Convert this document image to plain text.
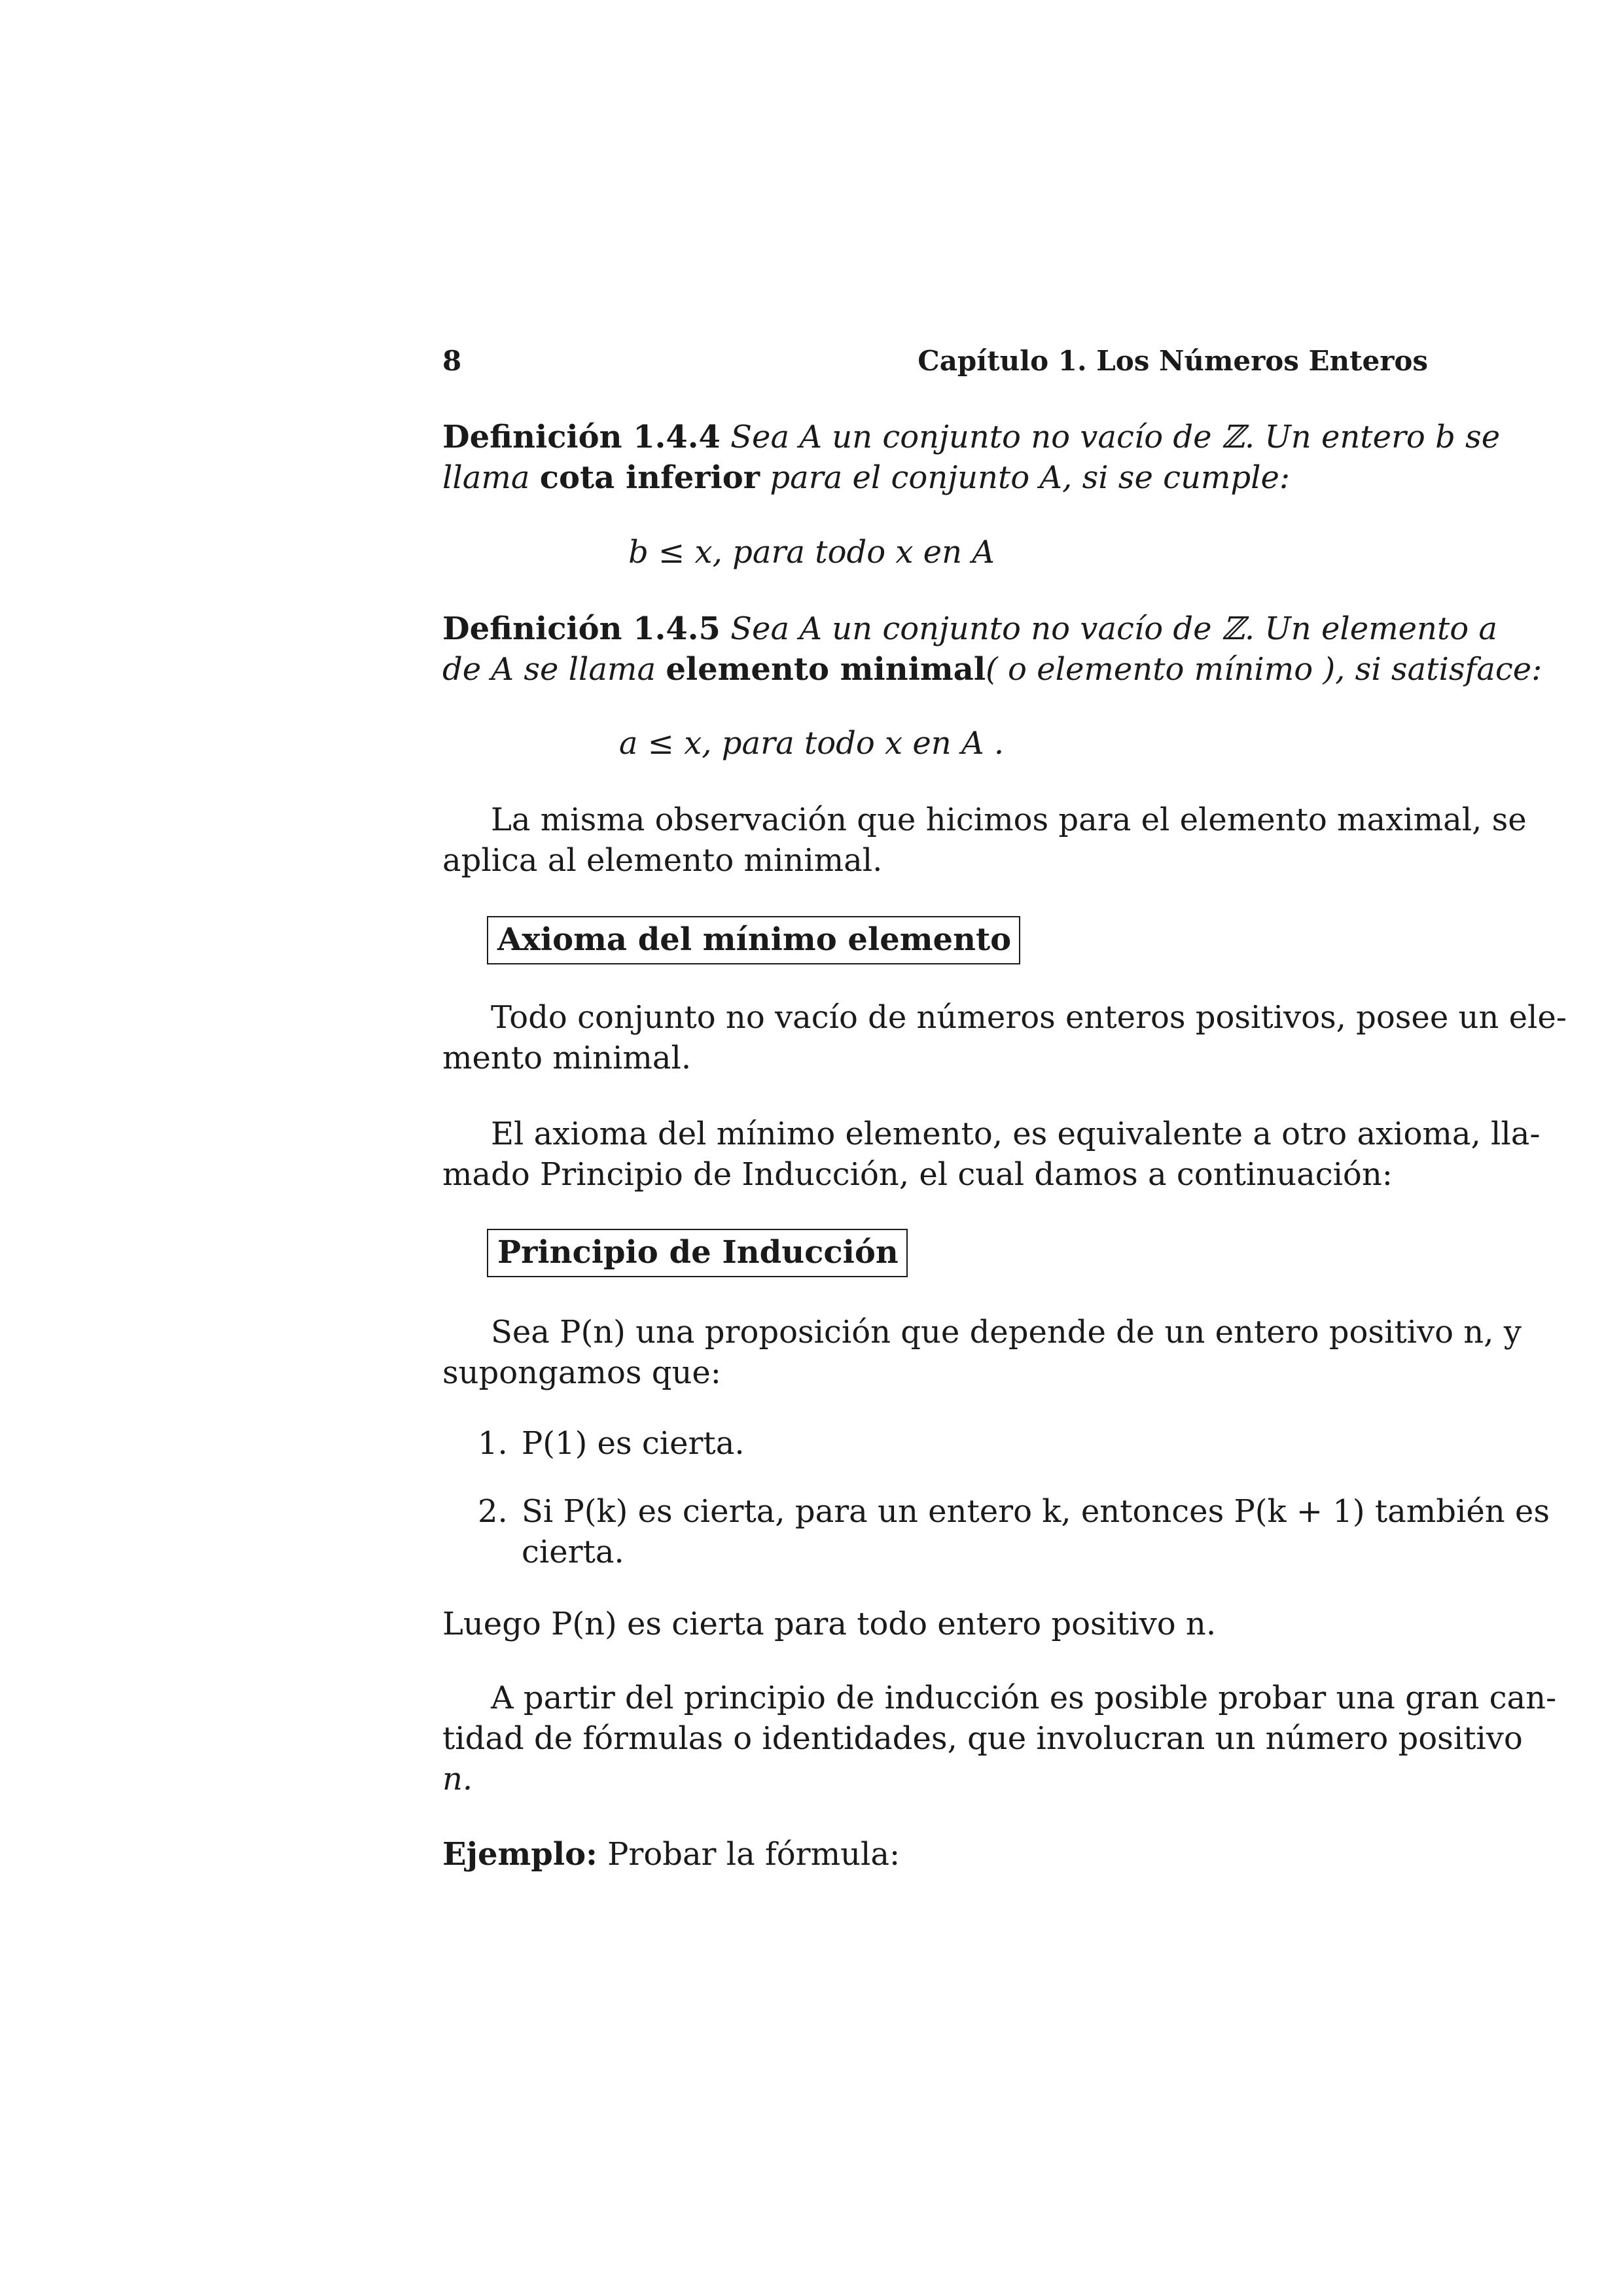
8	Capítulo 1. Los Números Enteros
Definición 1.4.4 Sea A un conjunto no vacío de ℤ. Un entero b se
llama cota inferior para el conjunto A, si se cumple:
b ≤ x, para todo x en A
Definición 1.4.5 Sea A un conjunto no vacío de ℤ. Un elemento a
de A se llama elemento minimal( o elemento mínimo ), si satisface:
a ≤ x, para todo x en A .
La misma observación que hicimos para el elemento maximal, se
aplica al elemento minimal.
Axioma del mínimo elemento
Todo conjunto no vacío de números enteros positivos, posee un ele-
mento minimal.
El axioma del mínimo elemento, es equivalente a otro axioma, lla-
mado Principio de Inducción, el cual damos a continuación:
Principio de Inducción
Sea P(n) una proposición que depende de un entero positivo n, y
supongamos que:
1. P(1) es cierta.
2. Si P(k) es cierta, para un entero k, entonces P(k + 1) también es
cierta.
Luego P(n) es cierta para todo entero positivo n.
A partir del principio de inducción es posible probar una gran can-
tidad de fórmulas o identidades, que involucran un número positivo
n.
Ejemplo: Probar la fórmula:
